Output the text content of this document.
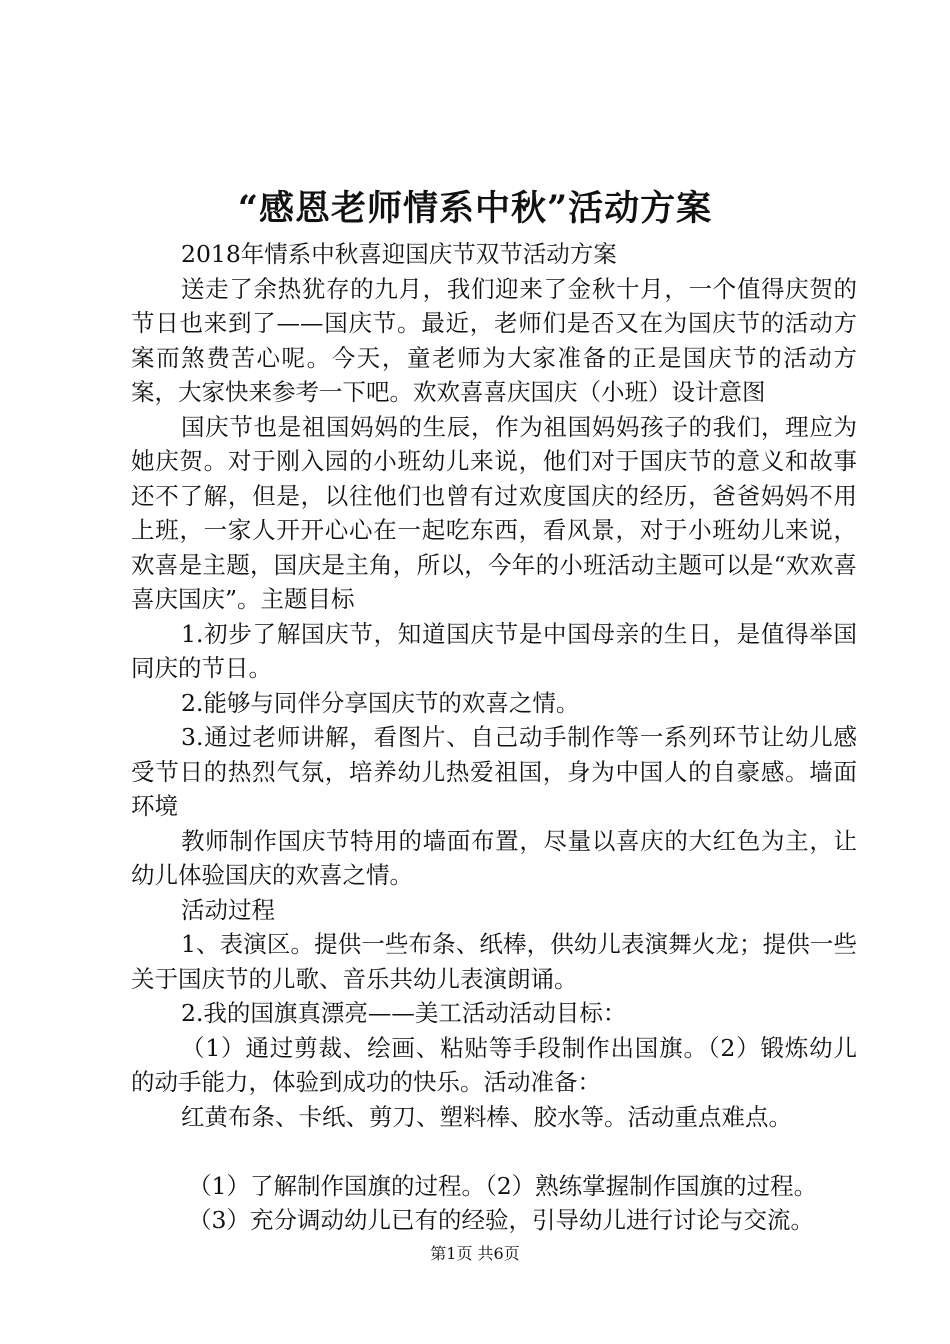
“感恩老师情系中秋”活动方案

2018年情系中秋喜迎国庆节双节活动方案

送走了余热犹存的九月，我们迎来了金秋十月，一个值得庆贺的节日也来到了——国庆节。最近，老师们是否又在为国庆节的活动方案而煞费苦心呢。今天，童老师为大家准备的正是国庆节的活动方案，大家快来参考一下吧。欢欢喜喜庆国庆（小班）设计意图

国庆节也是祖国妈妈的生辰，作为祖国妈妈孩子的我们，理应为她庆贺。对于刚入园的小班幼儿来说，他们对于国庆节的意义和故事还不了解，但是，以往他们也曾有过欢度国庆的经历，爸爸妈妈不用上班，一家人开开心心在一起吃东西，看风景，对于小班幼儿来说，欢喜是主题，国庆是主角，所以，今年的小班活动主题可以是“欢欢喜喜庆国庆”。主题目标

1.初步了解国庆节，知道国庆节是中国母亲的生日，是值得举国同庆的节日。

2.能够与同伴分享国庆节的欢喜之情。

3.通过老师讲解，看图片、自己动手制作等一系列环节让幼儿感受节日的热烈气氛，培养幼儿热爱祖国，身为中国人的自豪感。墙面环境

教师制作国庆节特用的墙面布置，尽量以喜庆的大红色为主，让幼儿体验国庆的欢喜之情。

活动过程

1、表演区。提供一些布条、纸棒，供幼儿表演舞火龙；提供一些关于国庆节的儿歌、音乐共幼儿表演朗诵。

2.我的国旗真漂亮——美工活动活动目标：

（1）通过剪裁、绘画、粘贴等手段制作出国旗。（2）锻炼幼儿的动手能力，体验到成功的快乐。活动准备：

红黄布条、卡纸、剪刀、塑料棒、胶水等。活动重点难点。

（1）了解制作国旗的过程。（2）熟练掌握制作国旗的过程。

（3）充分调动幼儿已有的经验，引导幼儿进行讨论与交流。

第1页 共6页
